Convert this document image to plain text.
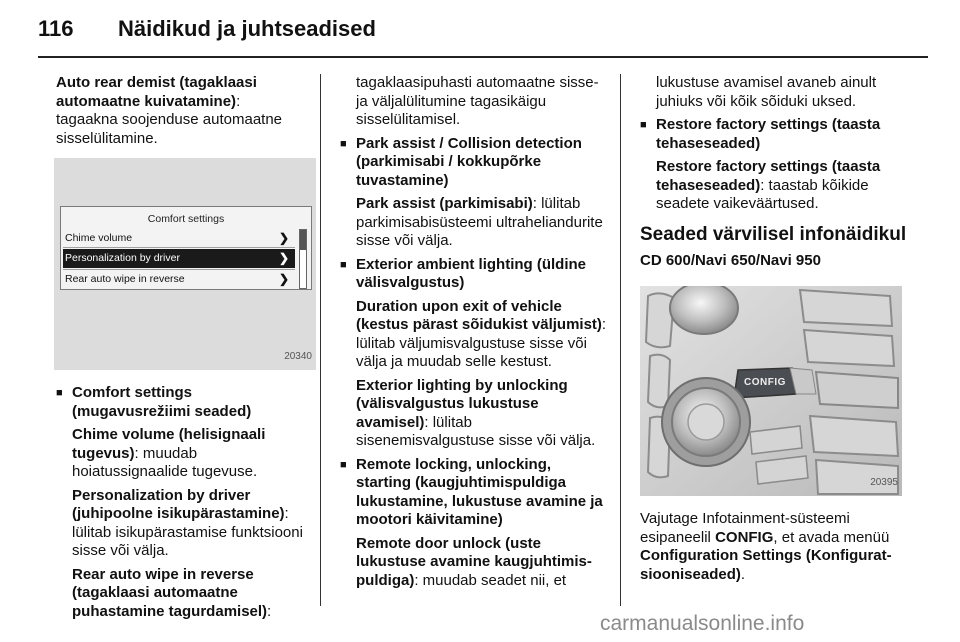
116 Näidikud ja juhtseadised

Auto rear demist (tagaklaasi automaatne kuivatamine):
tagaakna soojenduse automaatne sisselülitamine.

Comfort settings
Chime volume	❯
Personalization by driver	❯
Rear auto wipe in reverse	❯
20340
■ Comfort settings (mugavusrežiimi seaded)

Chime volume (helisignaali tugevus): muudab hoiatussignaalide tugevuse.

Personalization by driver (juhipoolne isikupärastamine): lülitab isikupärastamise funktsiooni sisse või välja.

Rear auto wipe in reverse (tagaklaasi automaatne puhastamine tagurdamisel):

tagaklaasipuhasti automaatne sisse- ja väljalülitumine tagasikäigu sisselülitamisel.

■ Park assist / Collision detection (parkimisabi / kokkupõrke tuvastamine)

Park assist (parkimisabi): lülitab parkimisabisüsteemi ultraheliandurite sisse või välja.

■ Exterior ambient lighting (üldine välisvalgustus)

Duration upon exit of vehicle (kestus pärast sõidukist väljumist): lülitab väljumisvalgustuse sisse või välja ja muudab selle kestust.

Exterior lighting by unlocking (välisvalgustus lukustuse avamisel): lülitab sisenemisvalgustuse sisse või välja.

■ Remote locking, unlocking, starting (kaugjuhtimispuldiga lukustamine, lukustuse avamine ja mootori käivitamine)

Remote door unlock (uste lukustuse avamine kaugjuhtimis- puldiga): muudab seadet nii, et

lukustuse avamisel avaneb ainult juhiuks või kõik sõiduki uksed.

■ Restore factory settings (taasta tehaseseaded)

Restore factory settings (taasta tehaseseaded): taastab kõikide seadete vaikeväärtused.

Seaded värvilisel infonäidikul
CD 600/Navi 650/Navi 950
CONFIG
20395

Vajutage Infotainment-süsteemi esipaneelil CONFIG, et avada menüü Configuration Settings (Konfigurat- siooniseaded).

carmanualsonline.info
